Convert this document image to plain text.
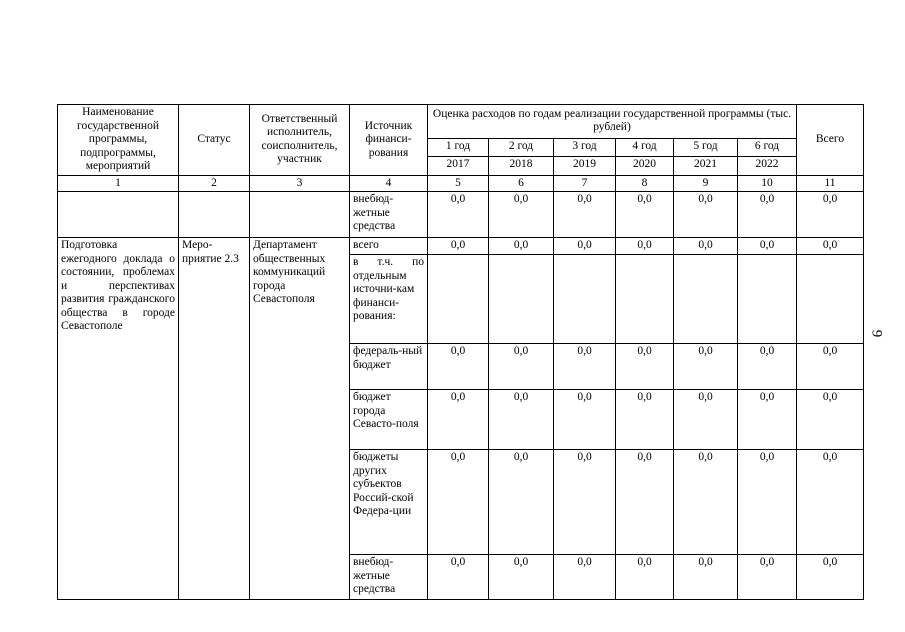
9
Наименование государственной программы, подпрограммы, мероприятий	Статус	Ответственный исполнитель, соисполнитель, участник	Источник финанси-рования	Оценка расходов по годам реализации государственной программы (тыс. рублей)						Всего
				1 год	2 год	3 год	4 год	5 год	6 год	
				2017	2018	2019	2020	2021	2022	
1	2	3	4	5	6	7	8	9	10	11
			внебюд-жетные средства	0,0	0,0	0,0	0,0	0,0	0,0	0,0
Подготовка ежегодного доклада о состоянии, проблемах и перспективах развития гражданского общества в городе Севастополе	Меро-приятие 2.3	Департамент общественных коммуникаций города Севастополя	всего	0,0	0,0	0,0	0,0	0,0	0,0	0,0
			в т.ч. по отдельным источни-кам финанси-рования:							
			федераль-ный бюджет	0,0	0,0	0,0	0,0	0,0	0,0	0,0
			бюджет города Севасто-поля	0,0	0,0	0,0	0,0	0,0	0,0	0,0
			бюджеты других субъектов Россий-ской Федера-ции	0,0	0,0	0,0	0,0	0,0	0,0	0,0
			внебюд-жетные средства	0,0	0,0	0,0	0,0	0,0	0,0	0,0
